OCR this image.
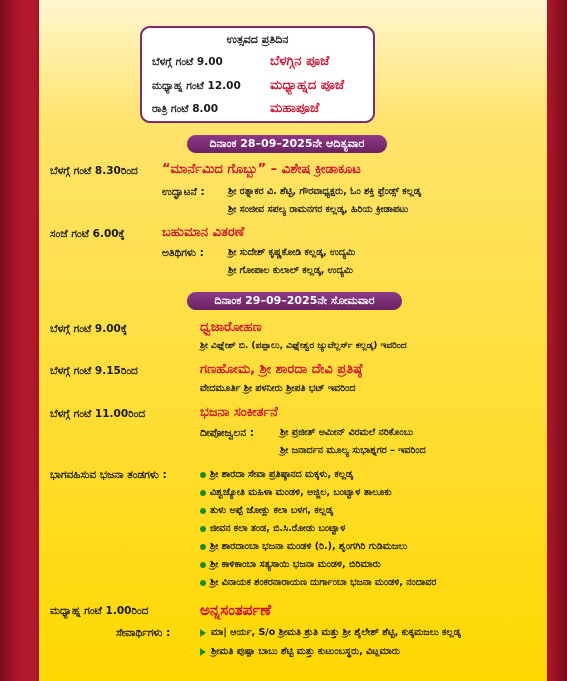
ಉತ್ಸವದ ಪ್ರತಿದಿನ
ಬೆಳಗ್ಗೆ ಗಂಟೆ 9.00	ಬೆಳಗ್ಗಿನ ಪೂಜೆ
ಮಧ್ಯಾಹ್ನ ಗಂಟೆ 12.00 ಮಧ್ಯಾಹ್ನದ ಪೂಜೆ
ರಾತ್ರಿ ಗಂಟೆ 8.00	ಮಹಾಪೂಜೆ
ದಿನಾಂಕ 28–09–2025ನೇ ಆದಿತ್ಯವಾರ
ಬೆಳಗ್ಗೆ ಗಂಟೆ 8.30ರಿಂದ “ಮಾರ್ನೆಮಿದ ಗೊಬ್ಬು” – ವಿಶೇಷ ಕ್ರೀಡಾಕೂಟ
ಉದ್ಘಾಟನೆ : ಶ್ರೀ ರತ್ನಾಕರ ವಿ. ಶೆಟ್ಟಿ, ಗೌರವಾಧ್ಯಕ್ಷರು, ಓಂ ಶಕ್ತಿ ಫ್ರೆಂಡ್ಸ್ ಕಲ್ಲಡ್ಕ
ಶ್ರೀ ಸಂಜೀವ ಸಪಲ್ಯ ರಾಮನಗರ ಕಲ್ಲಡ್ಕ, ಹಿರಿಯ ಕ್ರೀಡಾಪಟು
ಸಂಜೆ ಗಂಟೆ 6.00ಕ್ಕೆ	ಬಹುಮಾನ ವಿತರಣೆ
ಅತಿಥಿಗಳು :	ಶ್ರೀ ಸುದೇಶ್ ಕೃಷ್ಣಕೋಡಿ ಕಲ್ಲಡ್ಕ, ಉದ್ಯಮಿ
ಶ್ರೀ ಗೋಪಾಲ ಕುಲಾಲ್ ಕಲ್ಲಡ್ಕ, ಉದ್ಯಮಿ
ದಿನಾಂಕ 29–09–2025ನೇ ಸೋಮವಾರ
ಬೆಳಗ್ಗೆ ಗಂಟೆ 9.00ಕ್ಕೆ	ಧ್ವಜಾರೋಹಣ
ಶ್ರೀ ವಿಘ್ನೇಶ್ ಬಿ. (ಪಪ್ಪಾಲು, ವಿಘ್ನೇಶ್ವರ ಜ್ಯುವೆಲ್ಲರ್ಸ್ ಕಲ್ಲಡ್ಕ) ಇವರಿಂದ
ಬೆಳಗ್ಗೆ ಗಂಟೆ 9.15ರಿಂದ	ಗಣಹೋಮ, ಶ್ರೀ ಶಾರದಾ ದೇವಿ ಪ್ರತಿಷ್ಠೆ
ವೇದಮೂರ್ತಿ ಶ್ರೀ ಪಳನೀರು ಶ್ರೀಪತಿ ಭಟ್ ಇವರಿಂದ
ಬೆಳಗ್ಗೆ ಗಂಟೆ 11.00ರಿಂದ	ಭಜನಾ ಸಂಕೀರ್ತನೆ
ದೀಪೋಜ್ವಲನ :	ಶ್ರೀ ಪ್ರಜೀತ್ ಅಮೀನ್ ವಿರಮಲೆ ನರಿಕೊಂಬು
ಶ್ರೀ ಜನಾರ್ದನ ಮೂಲ್ಯ ಸುಭಾಶ್ನಗರ – ಇವರಿಂದ
ಭಾಗವಹಿಸುವ ಭಜನಾ ತಂಡಗಳು :	ಶ್ರೀ ಶಾರದಾ ಸೇವಾ ಪ್ರತಿಷ್ಠಾನದ ಮಕ್ಕಳು, ಕಲ್ಲಡ್ಕ
ವಿಶ್ವಜ್ಯೋತಿ ಮಹಿಳಾ ಮಂಡಳಿ, ಅಜ್ಜಿಲ, ಬಂಟ್ವಾಳ ತಾಲೂಕು
ತುಳು ಅಪ್ಪೆ ಜೋಕ್ಲು ಕಲಾ ಬಳಗ, ಕಲ್ಲಡ್ಕ
ಜೀವನ ಕಲಾ ತಂಡ, ಬಿ.ಸಿ.ರೋಡು ಬಂಟ್ವಾಳ
ಶ್ರೀ ಶಾರದಾಂಬಾ ಭಜನಾ ಮಂಡಳಿ (ರಿ.), ಶೃಂಗಗಿರಿ ಗುಡಿಮಜಲು
ಶ್ರೀ ಕಾಳಿಕಾಂಬಾ ಸತ್ಯಸಾಯಿ ಭಜನಾ ಮಂಡಳಿ, ಬಿರಿಮಾರು
ಶ್ರೀ ವಿನಾಯಕ ಶಂಕರನಾರಾಯಣ ದುರ್ಗಾಂಬಾ ಭಜನಾ ಮಂಡಳಿ, ನಂದಾವರ
ಮಧ್ಯಾಹ್ನ ಗಂಟೆ 1.00ರಿಂದ	ಅನ್ನಸಂತರ್ಪಣೆ
ಸೇವಾರ್ಥಿಗಳು :	ಮಾ| ಆರ್ಯ, S/o ಶ್ರೀಮತಿ ಶ್ರುತಿ ಮತ್ತು ಶ್ರೀ ಶೈಲೇಶ್ ಶೆಟ್ಟಿ, ಕುಕ್ಕಮಜಲು ಕಲ್ಲಡ್ಕ
ಶ್ರೀಮತಿ ಪುಷ್ಪಾ ಬಾಬು ಶೆಟ್ಟಿ ಮತ್ತು ಕುಟುಂಬಸ್ಥರು, ವಿಟ್ಲಮಾರು
